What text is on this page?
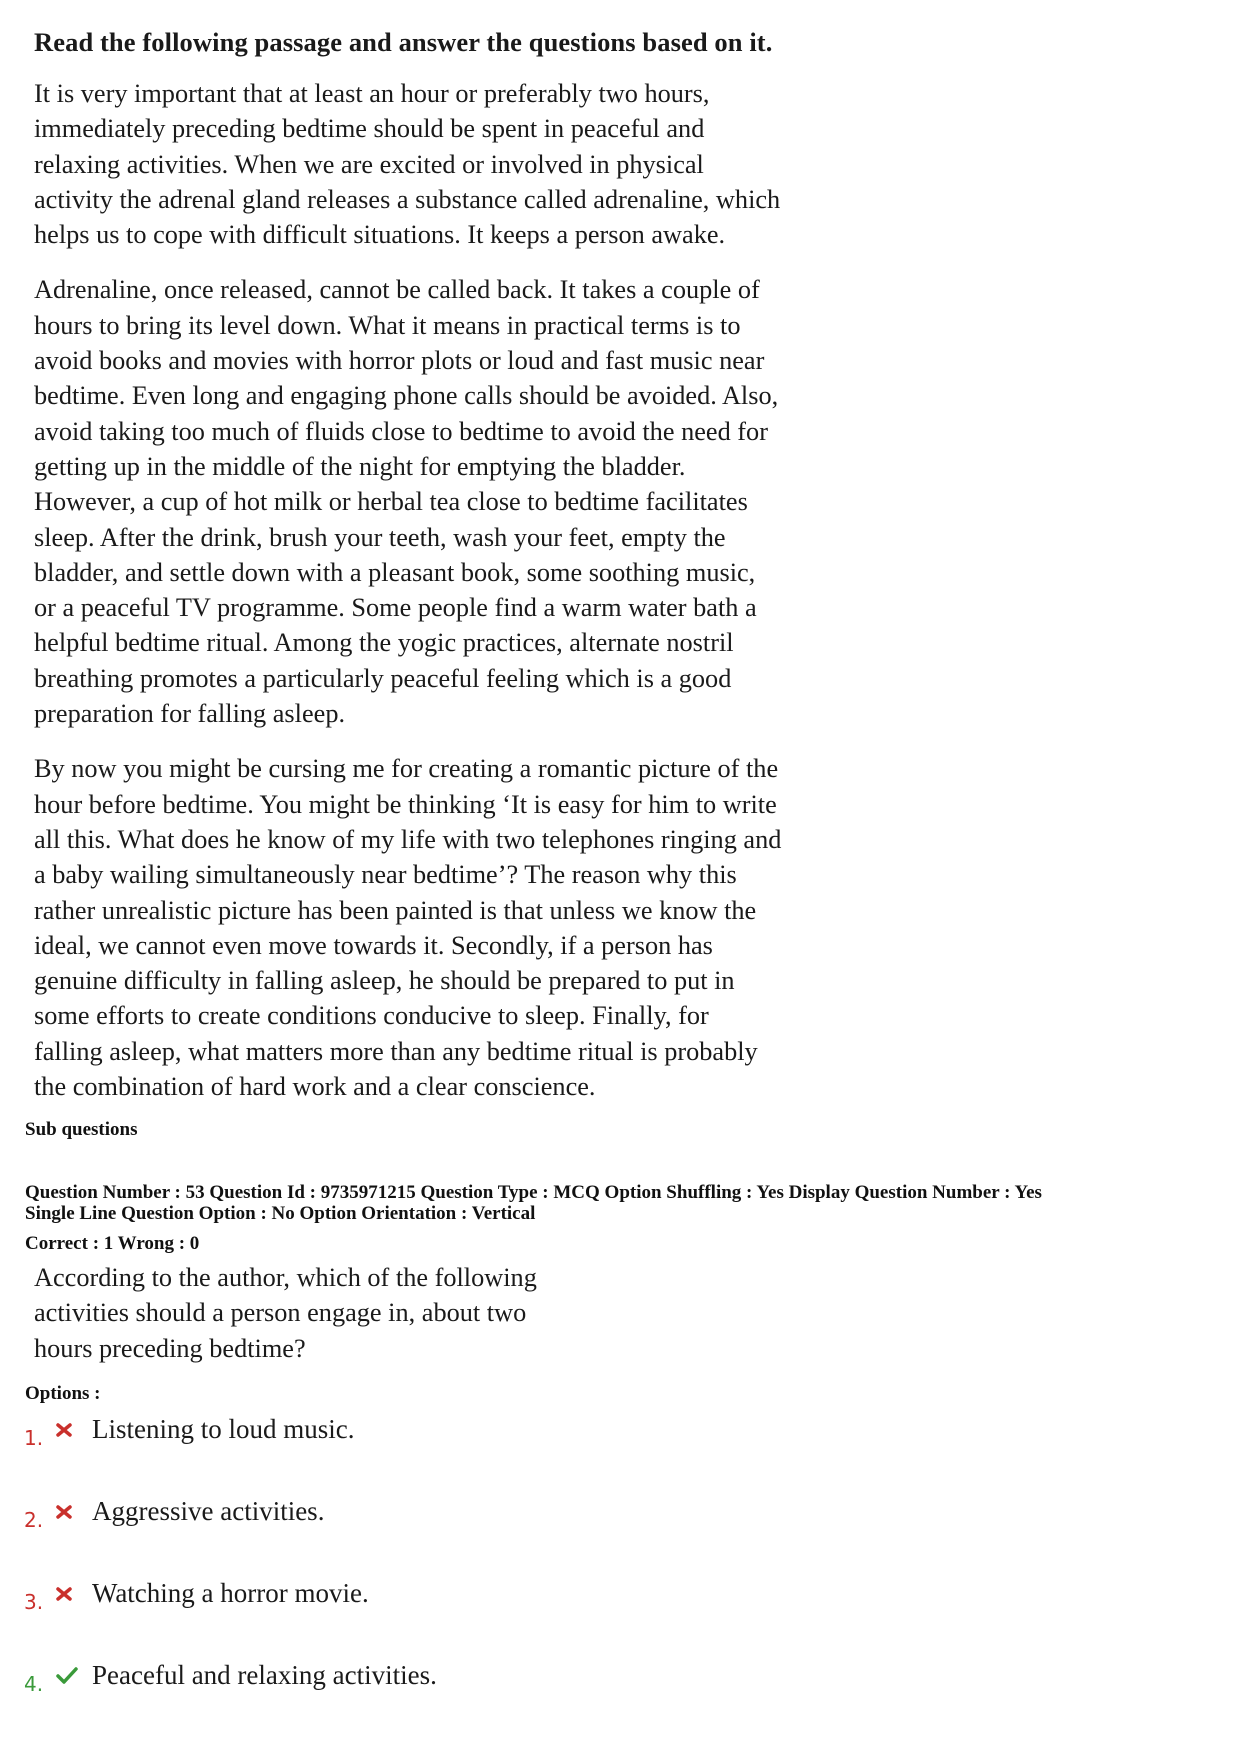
Read the following passage and answer the questions based on it.
It is very important that at least an hour or preferably two hours,
immediately preceding bedtime should be spent in peaceful and
relaxing activities. When we are excited or involved in physical
activity the adrenal gland releases a substance called adrenaline, which
helps us to cope with difficult situations. It keeps a person awake.
Adrenaline, once released, cannot be called back. It takes a couple of
hours to bring its level down. What it means in practical terms is to
avoid books and movies with horror plots or loud and fast music near
bedtime. Even long and engaging phone calls should be avoided. Also,
avoid taking too much of fluids close to bedtime to avoid the need for
getting up in the middle of the night for emptying the bladder.
However, a cup of hot milk or herbal tea close to bedtime facilitates
sleep. After the drink, brush your teeth, wash your feet, empty the
bladder, and settle down with a pleasant book, some soothing music,
or a peaceful TV programme. Some people find a warm water bath a
helpful bedtime ritual. Among the yogic practices, alternate nostril
breathing promotes a particularly peaceful feeling which is a good
preparation for falling asleep.
By now you might be cursing me for creating a romantic picture of the
hour before bedtime. You might be thinking ‘It is easy for him to write
all this. What does he know of my life with two telephones ringing and
a baby wailing simultaneously near bedtime’? The reason why this
rather unrealistic picture has been painted is that unless we know the
ideal, we cannot even move towards it. Secondly, if a person has
genuine difficulty in falling asleep, he should be prepared to put in
some efforts to create conditions conducive to sleep. Finally, for
falling asleep, what matters more than any bedtime ritual is probably
the combination of hard work and a clear conscience.
Sub questions
Question Number : 53 Question Id : 9735971215 Question Type : MCQ Option Shuffling : Yes Display Question Number : Yes
Single Line Question Option : No Option Orientation : Vertical
Correct : 1 Wrong : 0
According to the author, which of the following
activities should a person engage in, about two
hours preceding bedtime?
Options :
1. Listening to loud music.
2. Aggressive activities.
3. Watching a horror movie.
4. Peaceful and relaxing activities.
